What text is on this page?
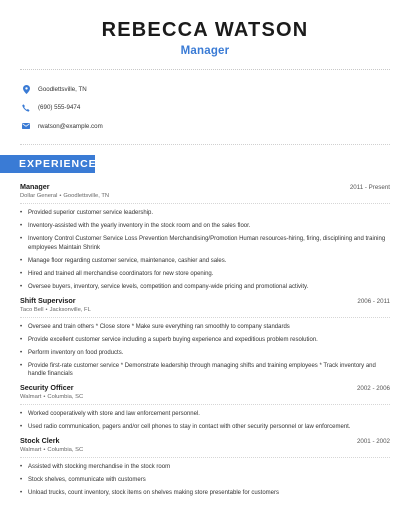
REBECCA WATSON
Manager
Goodlettsville, TN
(690) 555-9474
rwatson@example.com
EXPERIENCE
Manager	2011 - Present
Dollar General • Goodlettsville, TN
• Provided superior customer service leadership.
• Inventory-assisted with the yearly inventory in the stock room and on the sales floor.
• Inventory Control Customer Service Loss Prevention Merchandising/Promotion Human resources-hiring, firing, disciplining and training employees Maintain Shrink
• Manage floor regarding customer service, maintenance, cashier and sales.
• Hired and trained all merchandise coordinators for new store opening.
• Oversee buyers, inventory, service levels, competition and company-wide pricing and promotional activity.
Shift Supervisor	2006 - 2011
Taco Bell • Jacksonville, FL
• Oversee and train others * Close store * Make sure everything ran smoothly to company standards
• Provide excellent customer service including a superb buying experience and expeditious problem resolution.
• Perform inventory on food products.
• Provide first-rate customer service * Demonstrate leadership through managing shifts and training employees * Track inventory and handle financials
Security Officer	2002 - 2006
Walmart • Columbia, SC
• Worked cooperatively with store and law enforcement personnel.
• Used radio communication, pagers and/or cell phones to stay in contact with other security personnel or law enforcement.
Stock Clerk	2001 - 2002
Walmart • Columbia, SC
• Assisted with stocking merchandise in the stock room
• Stock shelves, communicate with customers
• Unload trucks, count inventory, stock items on shelves making store presentable for customers
